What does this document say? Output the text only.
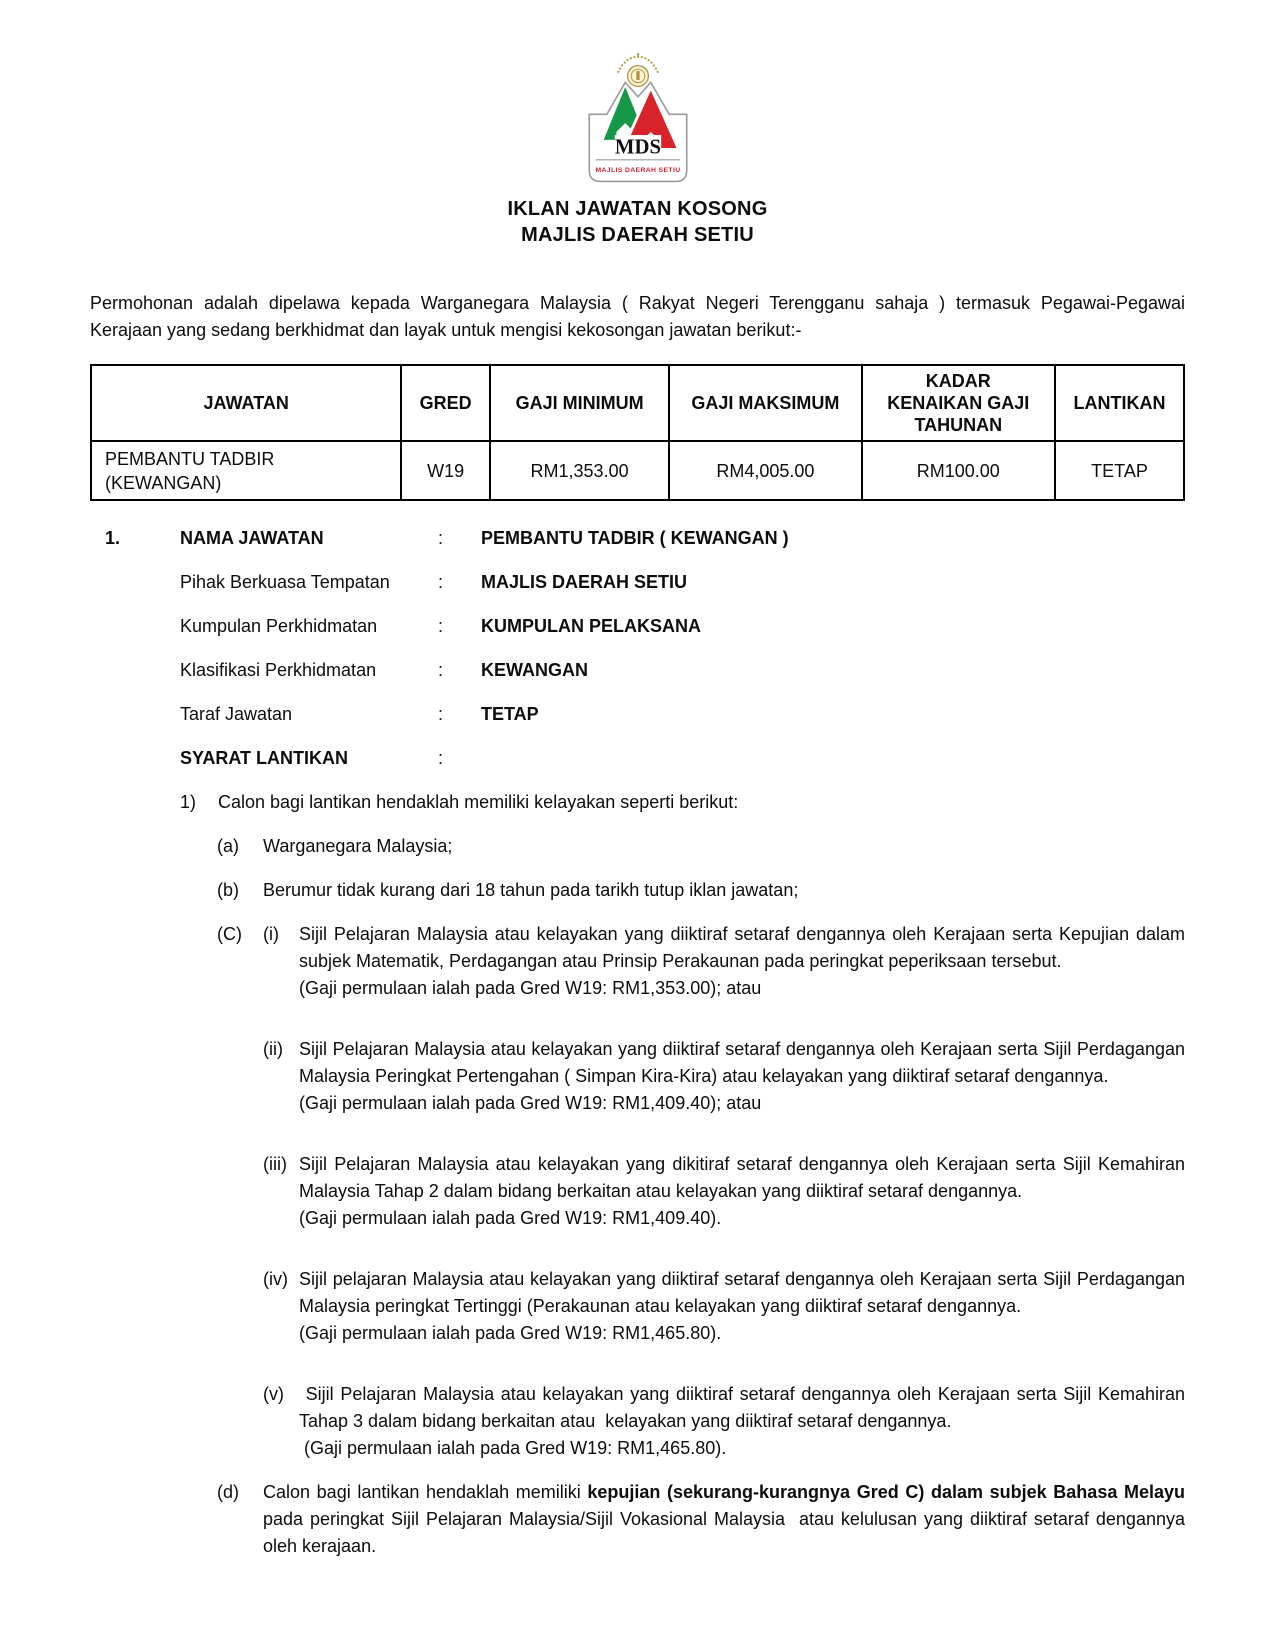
MDS
MAJLIS DAERAH SETIU
IKLAN JAWATAN KOSONG
MAJLIS DAERAH SETIU

Permohonan adalah dipelawa kepada Warganegara Malaysia ( Rakyat Negeri Terengganu sahaja ) termasuk Pegawai-Pegawai Kerajaan yang sedang berkhidmat dan layak untuk mengisi kekosongan jawatan berikut:-

JAWATAN	GRED	GAJI MINIMUM	GAJI MAKSIMUM	KADAR
KENAIKAN GAJI
TAHUNAN	LANTIKAN
PEMBANTU TADBIR (KEWANGAN)	W19	RM1,353.00	RM4,005.00	RM100.00	TETAP
1.	NAMA JAWATAN	:	PEMBANTU TADBIR ( KEWANGAN )
Pihak Berkuasa Tempatan	:	MAJLIS DAERAH SETIU
Kumpulan Perkhidmatan	:	KUMPULAN PELAKSANA
Klasifikasi Perkhidmatan	:	KEWANGAN
Taraf Jawatan	:	TETAP
SYARAT LANTIKAN	:
1)	Calon bagi lantikan hendaklah memiliki kelayakan seperti berikut:
(a)	Warganegara Malaysia;
(b)	Berumur tidak kurang dari 18 tahun pada tarikh tutup iklan jawatan;
(C)	(i)	Sijil Pelajaran Malaysia atau kelayakan yang diiktiraf setaraf dengannya oleh Kerajaan serta Kepujian dalam subjek Matematik, Perdagangan atau Prinsip Perakaunan pada peringkat peperiksaan tersebut.
(Gaji permulaan ialah pada Gred W19: RM1,353.00); atau
(ii) Sijil Pelajaran Malaysia atau kelayakan yang diiktiraf setaraf dengannya oleh Kerajaan serta Sijil Perdagangan Malaysia Peringkat Pertengahan ( Simpan Kira-Kira) atau kelayakan yang diiktiraf setaraf dengannya.
(Gaji permulaan ialah pada Gred W19: RM1,409.40); atau
(iii) Sijil Pelajaran Malaysia atau kelayakan yang dikitiraf setaraf dengannya oleh Kerajaan serta Sijil Kemahiran Malaysia Tahap 2 dalam bidang berkaitan atau kelayakan yang diiktiraf setaraf dengannya.
(Gaji permulaan ialah pada Gred W19: RM1,409.40).
(iv) Sijil pelajaran Malaysia atau kelayakan yang diiktiraf setaraf dengannya oleh Kerajaan serta Sijil Perdagangan Malaysia peringkat Tertinggi (Perakaunan atau kelayakan yang diiktiraf setaraf dengannya.
(Gaji permulaan ialah pada Gred W19: RM1,465.80).
(v) Sijil Pelajaran Malaysia atau kelayakan yang diiktiraf setaraf dengannya oleh Kerajaan serta Sijil Kemahiran Tahap 3 dalam bidang berkaitan atau  kelayakan yang diiktiraf setaraf dengannya.
(Gaji permulaan ialah pada Gred W19: RM1,465.80).
(d)	Calon bagi lantikan hendaklah memiliki kepujian (sekurang-kurangnya Gred C) dalam subjek Bahasa Melayu pada peringkat Sijil Pelajaran Malaysia/Sijil Vokasional Malaysia  atau kelulusan yang diiktiraf setaraf dengannya oleh kerajaan.
